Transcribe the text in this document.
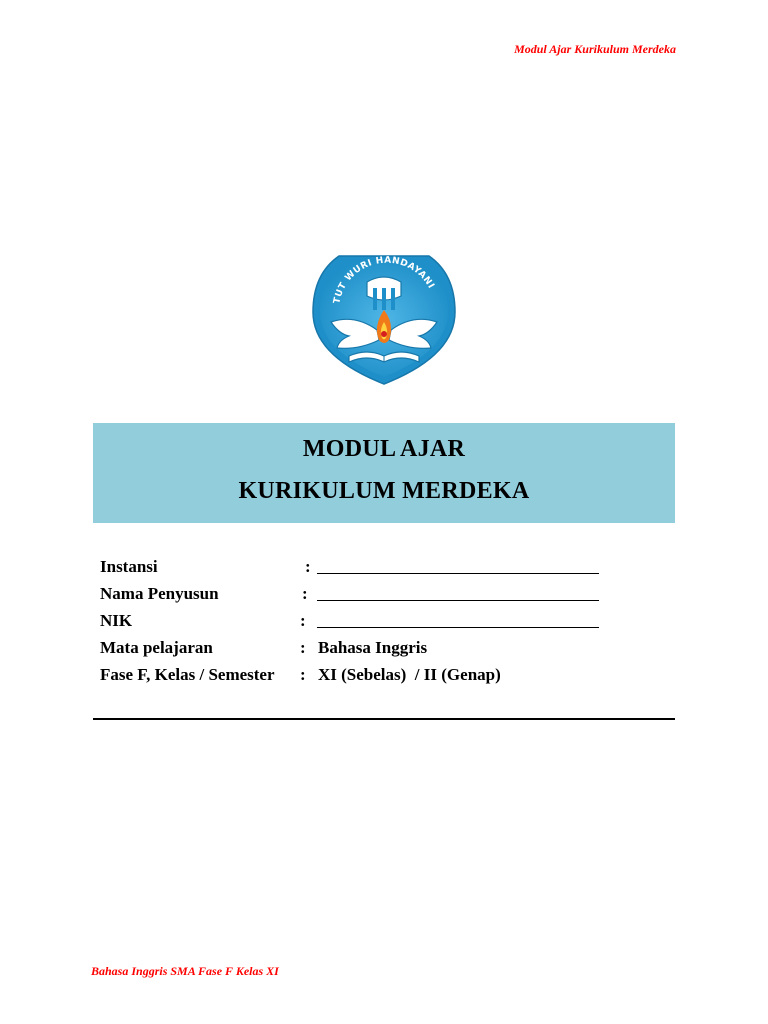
Modul Ajar Kurikulum Merdeka
TUT WURI HANDAYANI
MODUL AJAR
KURIKULUM MERDEKA
Instansi	:
Nama Penyusun	:
NIK	:
Mata pelajaran	: Bahasa Inggris
Fase F, Kelas / Semester : XI (Sebelas)  / II (Genap)
Bahasa Inggris SMA Fase F Kelas XI
